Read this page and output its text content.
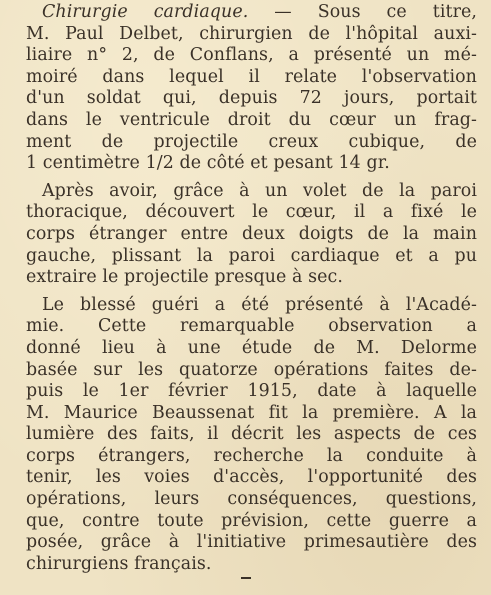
Chirurgie cardiaque. — Sous ce titre,
M. Paul Delbet, chirurgien de l'hôpital auxi-
liaire n° 2, de Conflans, a présenté un mé-
moiré dans lequel il relate l'observation
d'un soldat qui, depuis 72 jours, portait
dans le ventricule droit du cœur un frag-
ment de projectile creux cubique, de
1 centimètre 1/2 de côté et pesant 14 gr.

Après avoir, grâce à un volet de la paroi
thoracique, découvert le cœur, il a fixé le
corps étranger entre deux doigts de la main
gauche, plissant la paroi cardiaque et a pu
extraire le projectile presque à sec.

Le blessé guéri a été présenté à l'Acadé-
mie. Cette remarquable observation a
donné lieu à une étude de M. Delorme
basée sur les quatorze opérations faites de-
puis le 1er février 1915, date à laquelle
M. Maurice Beaussenat fit la première. A la
lumière des faits, il décrit les aspects de ces
corps étrangers, recherche la conduite à
tenir, les voies d'accès, l'opportunité des
opérations, leurs conséquences, questions,
que, contre toute prévision, cette guerre a
posée, grâce à l'initiative primesautière des
chirurgiens français.
